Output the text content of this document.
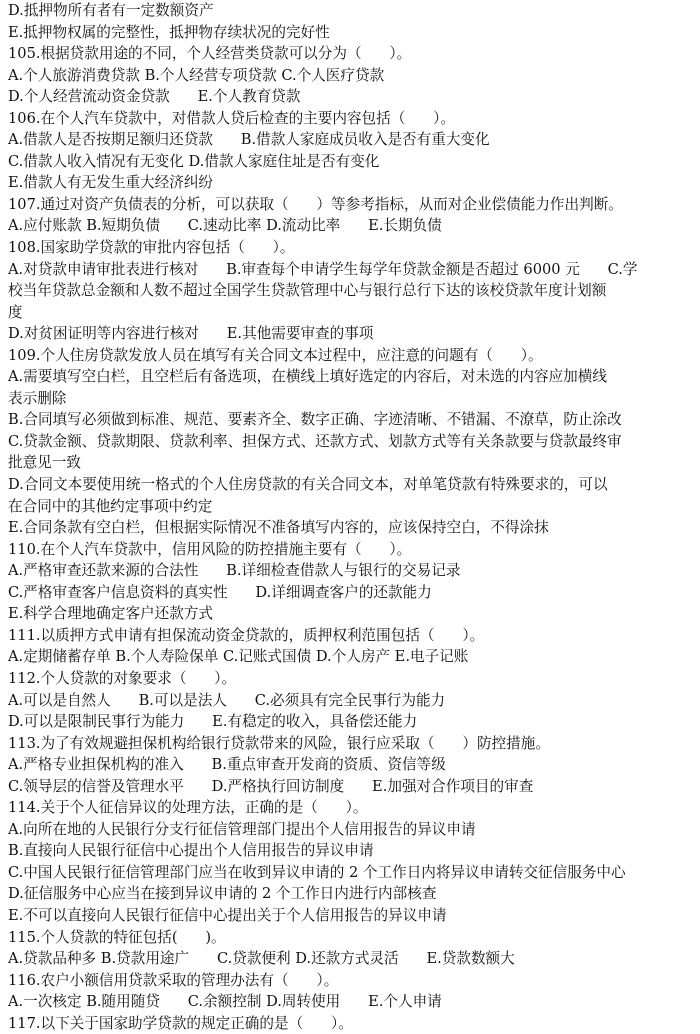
D.抵押物所有者有一定数额资产
E.抵押物权属的完整性，抵押物存续状况的完好性
105.根据贷款用途的不同，个人经营类贷款可以分为（      ）。
A.个人旅游消费贷款 B.个人经营专项贷款 C.个人医疗贷款
D.个人经营流动资金贷款      E.个人教育贷款
106.在个人汽车贷款中，对借款人贷后检查的主要内容包括（      ）。
A.借款人是否按期足额归还贷款      B.借款人家庭成员收入是否有重大变化
C.借款人收入情况有无变化 D.借款人家庭住址是否有变化
E.借款人有无发生重大经济纠纷
107.通过对资产负债表的分析，可以获取（      ）等参考指标，从而对企业偿债能力作出判断。
A.应付账款 B.短期负债      C.速动比率 D.流动比率      E.长期负债
108.国家助学贷款的审批内容包括（      ）。
A.对贷款申请审批表进行核对      B.审查每个申请学生每学年贷款金额是否超过 6000 元      C.学
校当年贷款总金额和人数不超过全国学生贷款管理中心与银行总行下达的该校贷款年度计划额
度
D.对贫困证明等内容进行核对      E.其他需要审查的事项
109.个人住房贷款发放人员在填写有关合同文本过程中，应注意的问题有（      ）。
A.需要填写空白栏，且空栏后有备选项，在横线上填好选定的内容后，对未选的内容应加横线
表示删除
B.合同填写必须做到标准、规范、要素齐全、数字正确、字迹清晰、不错漏、不潦草，防止涂改
C.贷款金额、贷款期限、贷款利率、担保方式、还款方式、划款方式等有关条款要与贷款最终审
批意见一致
D.合同文本要使用统一格式的个人住房贷款的有关合同文本，对单笔贷款有特殊要求的，可以
在合同中的其他约定事项中约定
E.合同条款有空白栏，但根据实际情况不准备填写内容的，应该保持空白，不得涂抹
110.在个人汽车贷款中，信用风险的防控措施主要有（      ）。
A.严格审查还款来源的合法性      B.详细检查借款人与银行的交易记录
C.严格审查客户信息资料的真实性      D.详细调查客户的还款能力
E.科学合理地确定客户还款方式
111.以质押方式申请有担保流动资金贷款的，质押权利范围包括（      ）。
A.定期储蓄存单 B.个人寿险保单 C.记账式国债 D.个人房产 E.电子记账
112.个人贷款的对象要求（      ）。
A.可以是自然人      B.可以是法人      C.必须具有完全民事行为能力
D.可以是限制民事行为能力      E.有稳定的收入，具备偿还能力
113.为了有效规避担保机构给银行贷款带来的风险，银行应采取（      ）防控措施。
A.严格专业担保机构的准入      B.重点审查开发商的资质、资信等级
C.领导层的信誉及管理水平      D.严格执行回访制度      E.加强对合作项目的审查
114.关于个人征信异议的处理方法，正确的是（      ）。
A.向所在地的人民银行分支行征信管理部门提出个人信用报告的异议申请
B.直接向人民银行征信中心提出个人信用报告的异议申请
C.中国人民银行征信管理部门应当在收到异议申请的 2 个工作日内将异议申请转交征信服务中心
D.征信服务中心应当在接到异议申请的 2 个工作日内进行内部核查
E.不可以直接向人民银行征信中心提出关于个人信用报告的异议申请
115.个人贷款的特征包括(      )。
A.贷款品种多 B.贷款用途广      C.贷款便利 D.还款方式灵活      E.贷款数额大
116.农户小额信用贷款采取的管理办法有（      ）。
A.一次核定 B.随用随贷      C.余额控制 D.周转使用      E.个人申请
117.以下关于国家助学贷款的规定正确的是（      ）。
